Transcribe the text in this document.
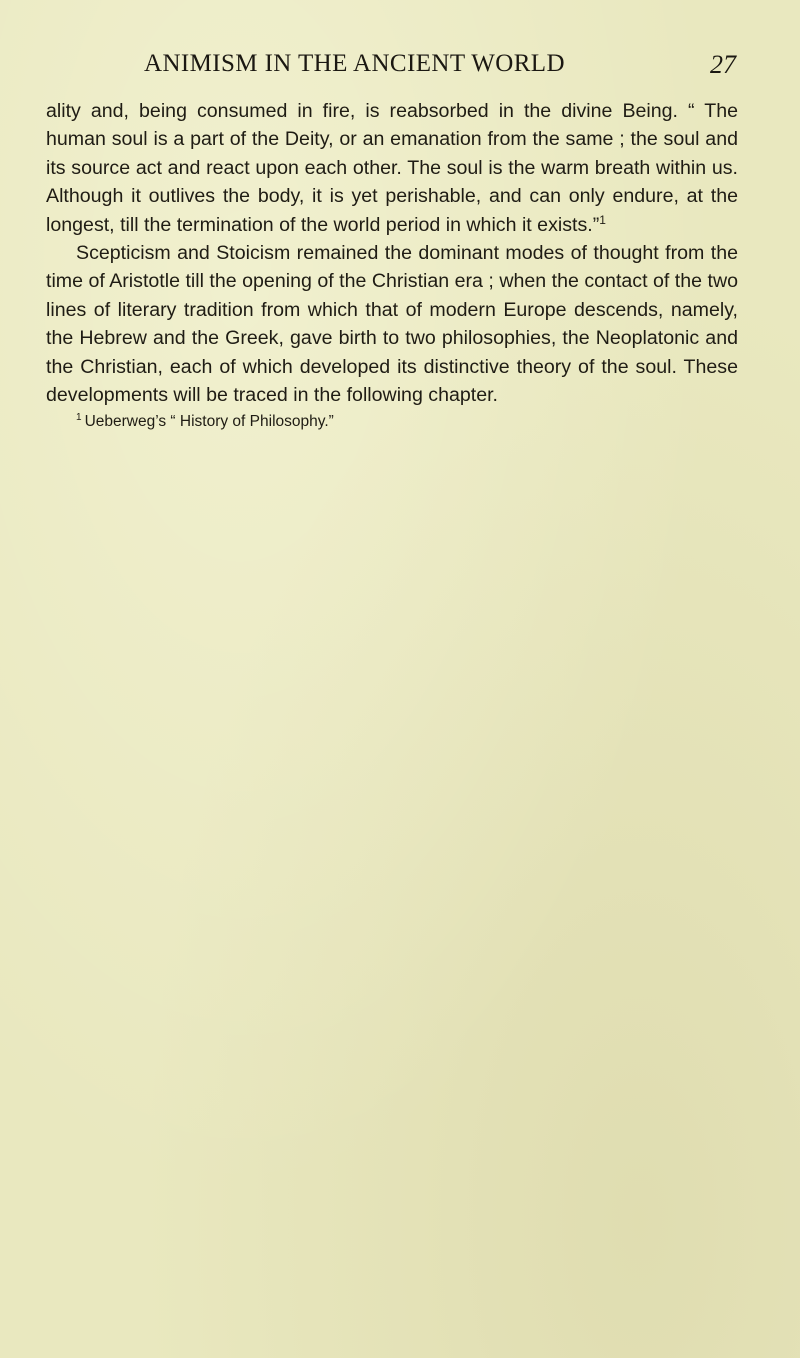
ANIMISM IN THE ANCIENT WORLD	27

ality and, being consumed in fire, is reabsorbed in the divine Being. “ The human soul is a part of the Deity, or an emanation from the same ; the soul and its source act and react upon each other. The soul is the warm breath within us. Although it outlives the body, it is yet perishable, and can only endure, at the longest, till the termination of the world period in which it exists.”$^1$

Scepticism and Stoicism remained the dominant modes of thought from the time of Aristotle till the opening of the Christian era ; when the contact of the two lines of literary tradition from which that of modern Europe descends, namely, the Hebrew and the Greek, gave birth to two philosophies, the Neoplatonic and the Christian, each of which developed its distinctive theory of the soul. These developments will be traced in the following chapter.

$^1$ Ueberweg’s “ History of Philosophy.”
